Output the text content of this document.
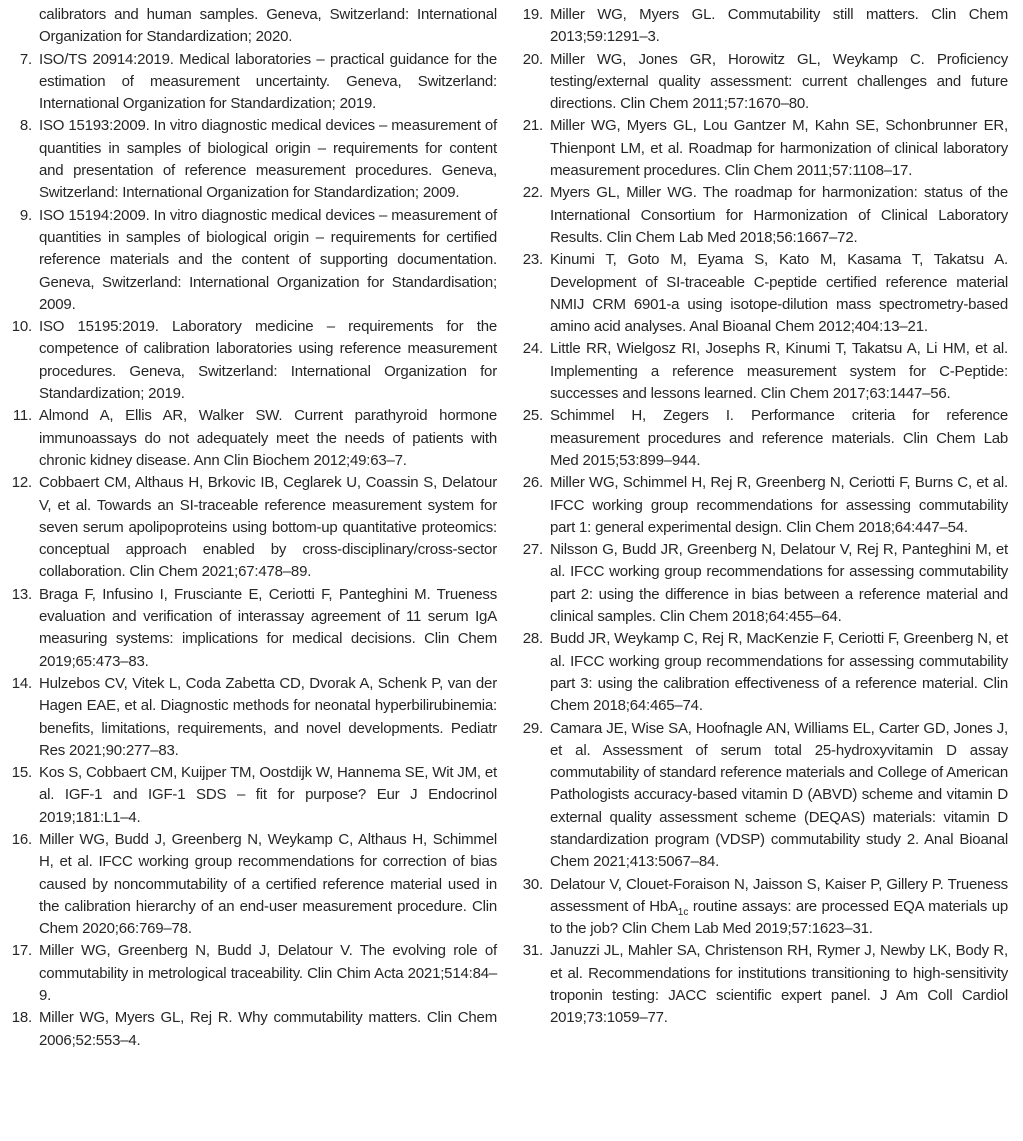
calibrators and human samples. Geneva, Switzerland: International Organization for Standardization; 2020.
7. ISO/TS 20914:2019. Medical laboratories – practical guidance for the estimation of measurement uncertainty. Geneva, Switzerland: International Organization for Standardization; 2019.
8. ISO 15193:2009. In vitro diagnostic medical devices – measurement of quantities in samples of biological origin – requirements for content and presentation of reference measurement procedures. Geneva, Switzerland: International Organization for Standardization; 2009.
9. ISO 15194:2009. In vitro diagnostic medical devices – measurement of quantities in samples of biological origin – requirements for certified reference materials and the content of supporting documentation. Geneva, Switzerland: International Organization for Standardisation; 2009.
10. ISO 15195:2019. Laboratory medicine – requirements for the competence of calibration laboratories using reference measurement procedures. Geneva, Switzerland: International Organization for Standardization; 2019.
11. Almond A, Ellis AR, Walker SW. Current parathyroid hormone immunoassays do not adequately meet the needs of patients with chronic kidney disease. Ann Clin Biochem 2012;49:63–7.
12. Cobbaert CM, Althaus H, Brkovic IB, Ceglarek U, Coassin S, Delatour V, et al. Towards an SI-traceable reference measurement system for seven serum apolipoproteins using bottom-up quantitative proteomics: conceptual approach enabled by cross-disciplinary/cross-sector collaboration. Clin Chem 2021;67:478–89.
13. Braga F, Infusino I, Frusciante E, Ceriotti F, Panteghini M. Trueness evaluation and verification of interassay agreement of 11 serum IgA measuring systems: implications for medical decisions. Clin Chem 2019;65:473–83.
14. Hulzebos CV, Vitek L, Coda Zabetta CD, Dvorak A, Schenk P, van der Hagen EAE, et al. Diagnostic methods for neonatal hyperbilirubinemia: benefits, limitations, requirements, and novel developments. Pediatr Res 2021;90:277–83.
15. Kos S, Cobbaert CM, Kuijper TM, Oostdijk W, Hannema SE, Wit JM, et al. IGF-1 and IGF-1 SDS – fit for purpose? Eur J Endocrinol 2019;181:L1–4.
16. Miller WG, Budd J, Greenberg N, Weykamp C, Althaus H, Schimmel H, et al. IFCC working group recommendations for correction of bias caused by noncommutability of a certified reference material used in the calibration hierarchy of an end-user measurement procedure. Clin Chem 2020;66:769–78.
17. Miller WG, Greenberg N, Budd J, Delatour V. The evolving role of commutability in metrological traceability. Clin Chim Acta 2021;514:84–9.
18. Miller WG, Myers GL, Rej R. Why commutability matters. Clin Chem 2006;52:553–4.
19. Miller WG, Myers GL. Commutability still matters. Clin Chem 2013;59:1291–3.
20. Miller WG, Jones GR, Horowitz GL, Weykamp C. Proficiency testing/external quality assessment: current challenges and future directions. Clin Chem 2011;57:1670–80.
21. Miller WG, Myers GL, Lou Gantzer M, Kahn SE, Schonbrunner ER, Thienpont LM, et al. Roadmap for harmonization of clinical laboratory measurement procedures. Clin Chem 2011;57:1108–17.
22. Myers GL, Miller WG. The roadmap for harmonization: status of the International Consortium for Harmonization of Clinical Laboratory Results. Clin Chem Lab Med 2018;56:1667–72.
23. Kinumi T, Goto M, Eyama S, Kato M, Kasama T, Takatsu A. Development of SI-traceable C-peptide certified reference material NMIJ CRM 6901-a using isotope-dilution mass spectrometry-based amino acid analyses. Anal Bioanal Chem 2012;404:13–21.
24. Little RR, Wielgosz RI, Josephs R, Kinumi T, Takatsu A, Li HM, et al. Implementing a reference measurement system for C-Peptide: successes and lessons learned. Clin Chem 2017;63:1447–56.
25. Schimmel H, Zegers I. Performance criteria for reference measurement procedures and reference materials. Clin Chem Lab Med 2015;53:899–944.
26. Miller WG, Schimmel H, Rej R, Greenberg N, Ceriotti F, Burns C, et al. IFCC working group recommendations for assessing commutability part 1: general experimental design. Clin Chem 2018;64:447–54.
27. Nilsson G, Budd JR, Greenberg N, Delatour V, Rej R, Panteghini M, et al. IFCC working group recommendations for assessing commutability part 2: using the difference in bias between a reference material and clinical samples. Clin Chem 2018;64:455–64.
28. Budd JR, Weykamp C, Rej R, MacKenzie F, Ceriotti F, Greenberg N, et al. IFCC working group recommendations for assessing commutability part 3: using the calibration effectiveness of a reference material. Clin Chem 2018;64:465–74.
29. Camara JE, Wise SA, Hoofnagle AN, Williams EL, Carter GD, Jones J, et al. Assessment of serum total 25-hydroxyvitamin D assay commutability of standard reference materials and College of American Pathologists accuracy-based vitamin D (ABVD) scheme and vitamin D external quality assessment scheme (DEQAS) materials: vitamin D standardization program (VDSP) commutability study 2. Anal Bioanal Chem 2021;413:5067–84.
30. Delatour V, Clouet-Foraison N, Jaisson S, Kaiser P, Gillery P. Trueness assessment of HbA$_{1c}$ routine assays: are processed EQA materials up to the job? Clin Chem Lab Med 2019;57:1623–31.
31. Januzzi JL, Mahler SA, Christenson RH, Rymer J, Newby LK, Body R, et al. Recommendations for institutions transitioning to high-sensitivity troponin testing: JACC scientific expert panel. J Am Coll Cardiol 2019;73:1059–77.
